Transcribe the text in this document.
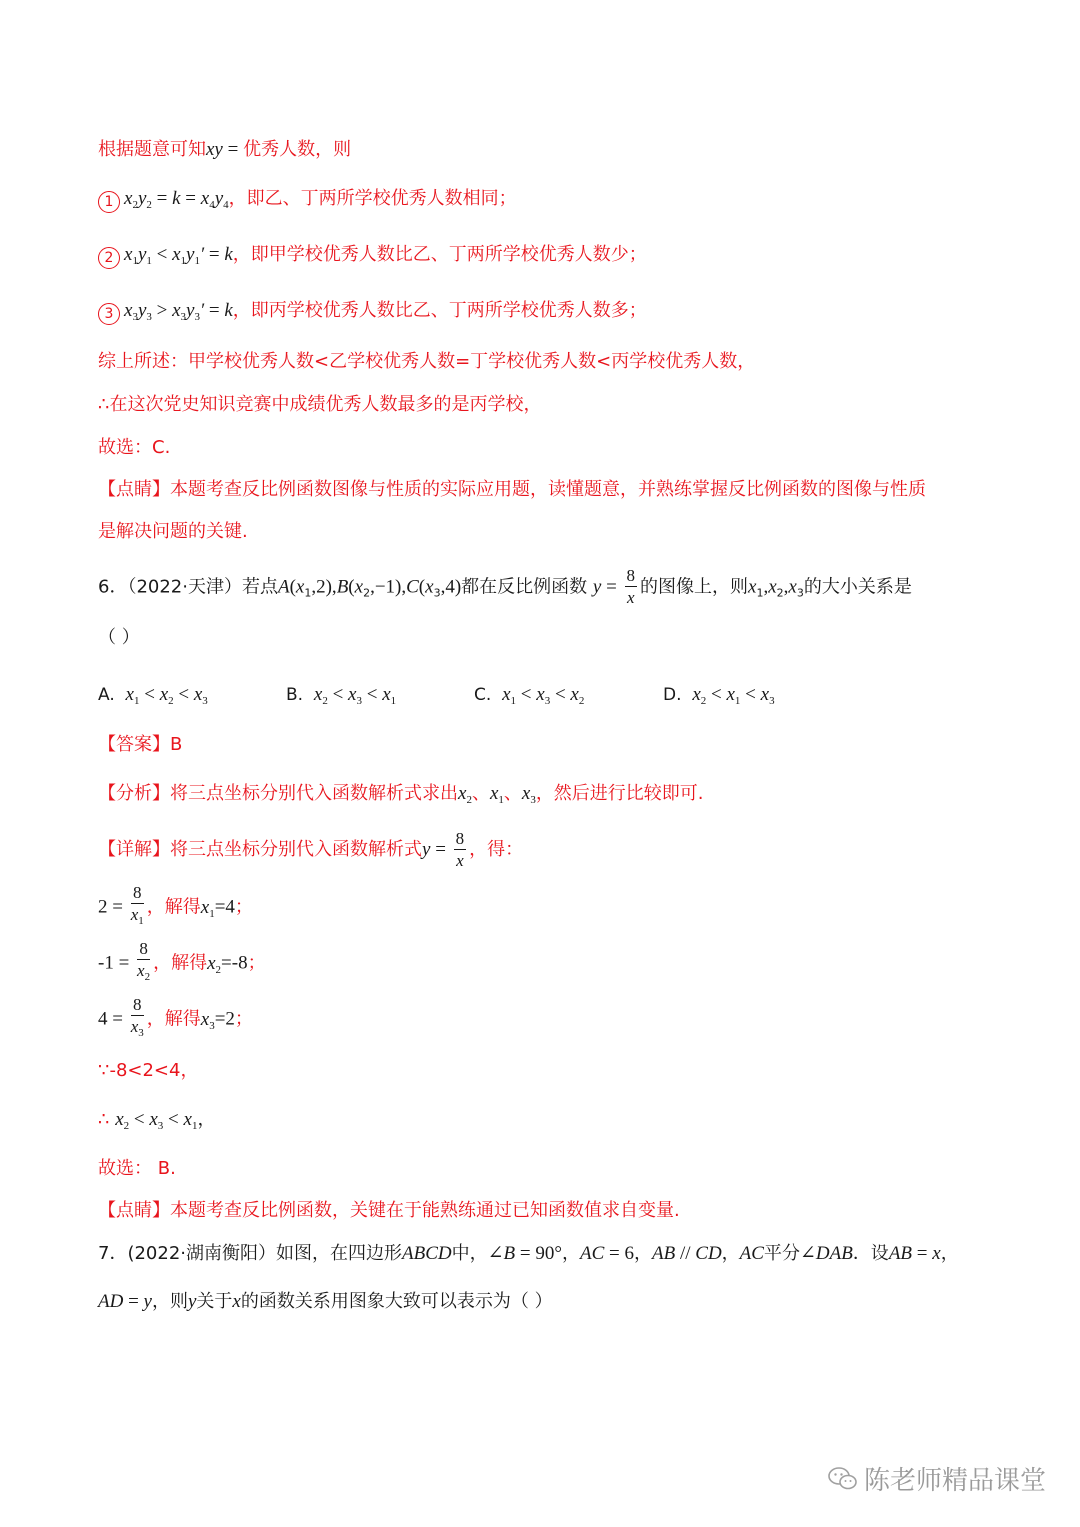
根据题意可知xy = 优秀人数，则
1 $x_2y_2 = k = x_4y_4$，即乙、丁两所学校优秀人数相同；
2 $x_1y_1 < x_1y_1' = k$，即甲学校优秀人数比乙、丁两所学校优秀人数少；
3 $x_3y_3 > x_3y_3' = k$，即丙学校优秀人数比乙、丁两所学校优秀人数多；
综上所述：甲学校优秀人数<乙学校优秀人数=丁学校优秀人数<丙学校优秀人数，
∴在这次党史知识竞赛中成绩优秀人数最多的是丙学校，
故选：C.
【点睛】本题考查反比例函数图像与性质的实际应用题，读懂题意，并熟练掌握反比例函数的图像与性质
是解决问题的关键.
6．（2022·天津）若点$A(x_1,2),B(x_2,-1),C(x_3,4)$都在反比例函数 $y = \frac{8}{x}$ 的图像上，则$x_1,x_2,x_3$的大小关系是
（ ）
A. $x_1 < x_2 < x_3$	B. $x_2 < x_3 < x_1$	C. $x_1 < x_3 < x_2$	D. $x_2 < x_1 < x_3$
【答案】B
【分析】将三点坐标分别代入函数解析式求出$x_2$、$x_1$、$x_3$，然后进行比较即可.
【详解】将三点坐标分别代入函数解析式$y = \frac{8}{x}$ ，得：
$2 = \frac{8}{x_1}$ ，解得$x_1=4$；
$-1 = \frac{8}{x_2}$ ，解得$x_2=-8$；
$4 = \frac{8}{x_3}$ ，解得$x_3=2$；
∵-8<2<4，
∴ $x_2 < x_3 < x_1$，
故选： B.
【点睛】本题考查反比例函数，关键在于能熟练通过已知函数值求自变量.
7．(2022·湖南衡阳）如图，在四边形ABCD中，∠B = 90°，AC = 6，AB // CD，AC平分∠DAB．设AB = x，
AD = y，则y关于x的函数关系用图象大致可以表示为（ ）
陈老师精品课堂
